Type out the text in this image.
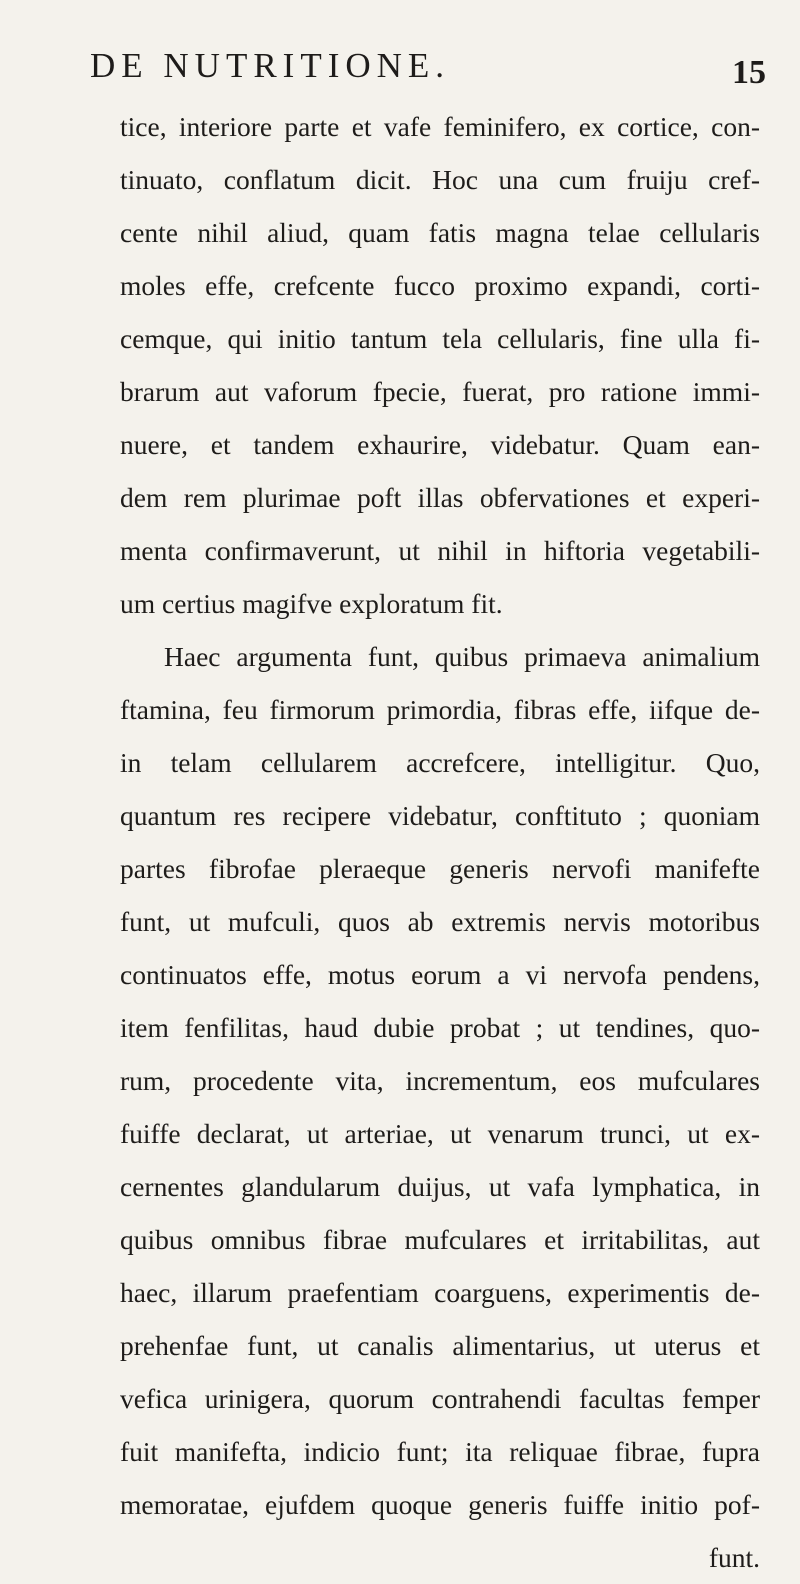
DE NUTRITIONE.	15
tice, interiore parte et vafe feminifero, ex cortice, con-
tinuato, conflatum dicit. Hoc una cum fruĳu cref-
cente nihil aliud, quam fatis magna telae cellularis
moles effe, crefcente fucco proximo expandi, corti-
cemque, qui initio tantum tela cellularis, fine ulla fi-
brarum aut vaforum fpecie, fuerat, pro ratione immi-
nuere, et tandem exhaurire, videbatur. Quam ean-
dem rem plurimae poft illas obfervationes et experi-
menta confirmaverunt, ut nihil in hiftoria vegetabili-
um certius magifve exploratum fit.
Haec argumenta funt, quibus primaeva animalium
ftamina, feu firmorum primordia, fibras effe, iifque de-
in telam cellularem accrefcere, intelligitur. Quo,
quantum res recipere videbatur, conftituto ; quoniam
partes fibrofae pleraeque generis nervofi manifefte
funt, ut mufculi, quos ab extremis nervis motoribus
continuatos effe, motus eorum a vi nervofa pendens,
item fenfilitas, haud dubie probat ; ut tendines, quo-
rum, procedente vita, incrementum, eos mufculares
fuiffe declarat, ut arteriae, ut venarum trunci, ut ex-
cernentes glandularum duĳus, ut vafa lymphatica, in
quibus omnibus fibrae mufculares et irritabilitas, aut
haec, illarum praefentiam coarguens, experimentis de-
prehenfae funt, ut canalis alimentarius, ut uterus et
vefica urinigera, quorum contrahendi facultas femper
fuit manifefta, indicio funt; ita reliquae fibrae, fupra
memoratae, ejufdem quoque generis fuiffe initio pof-
funt.
